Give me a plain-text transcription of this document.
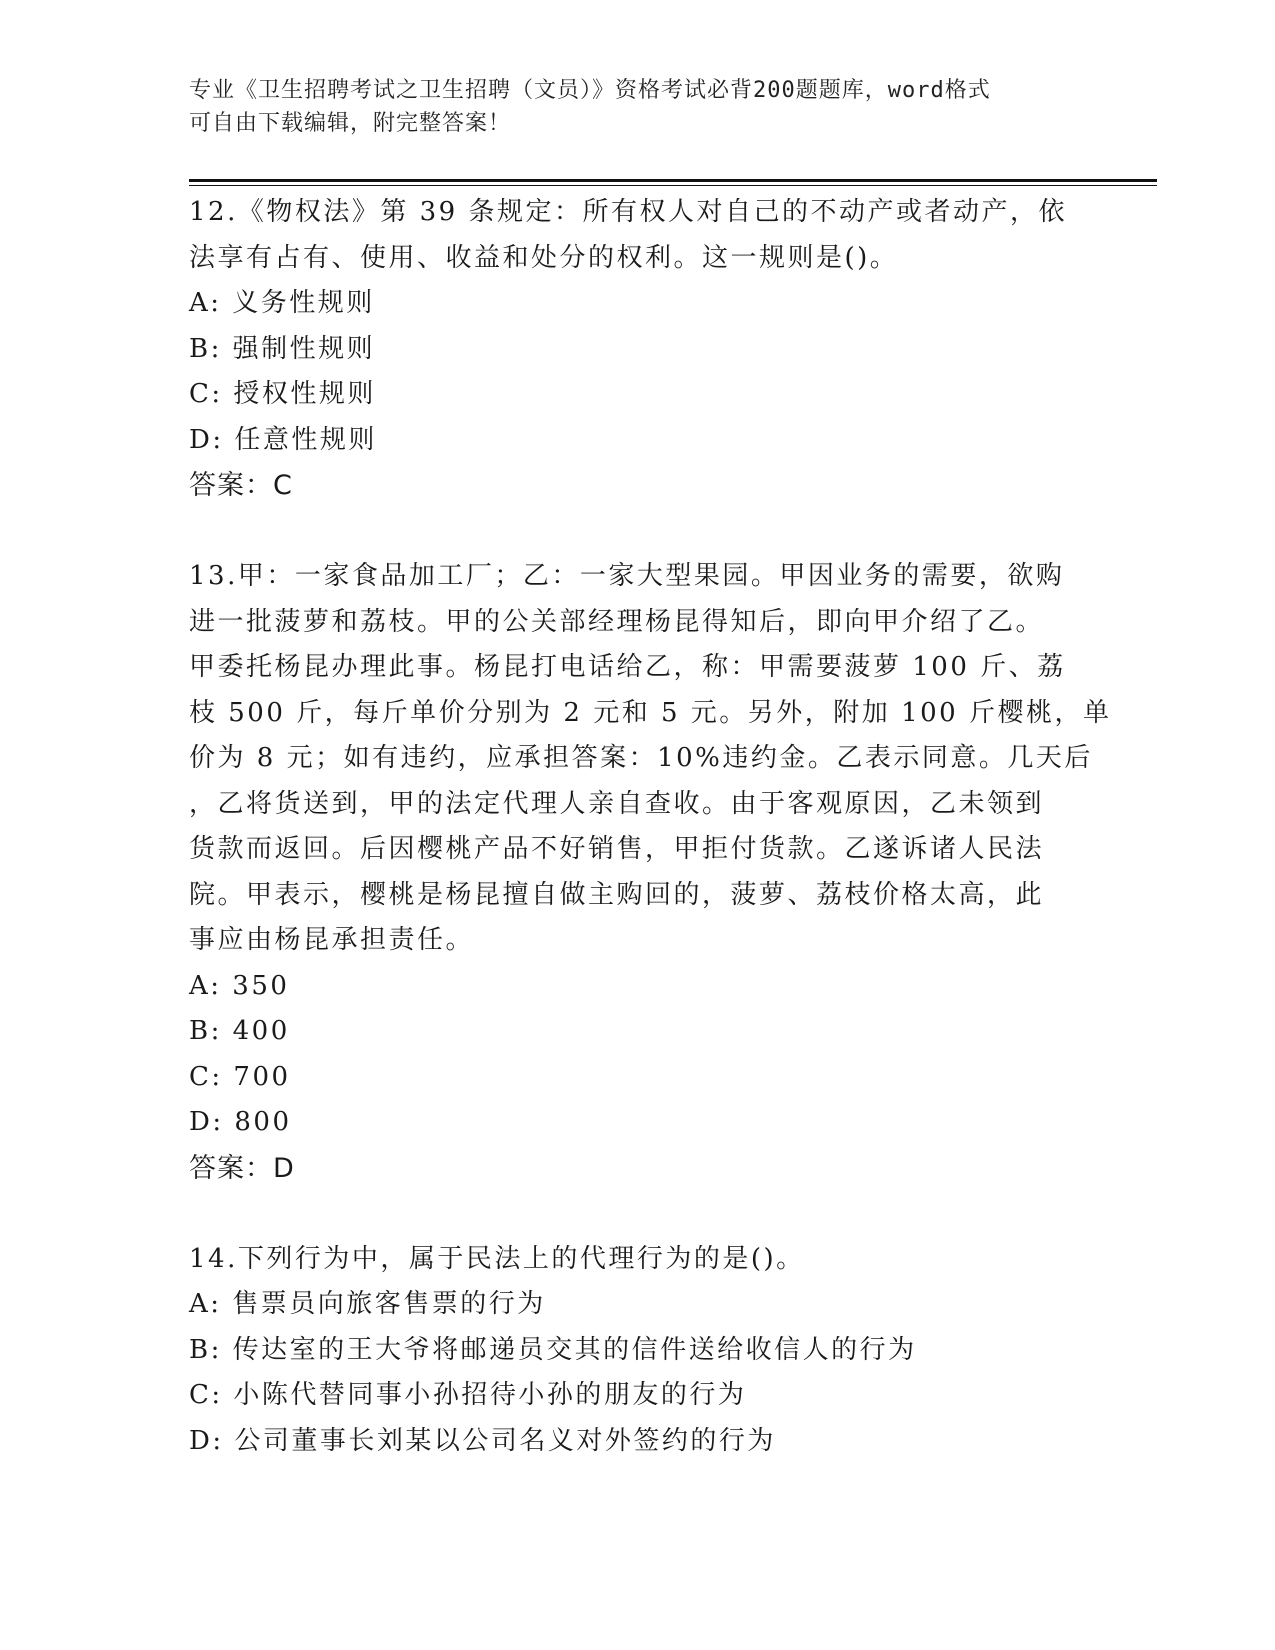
专业《卫生招聘考试之卫生招聘（文员）》资格考试必背200题题库，word格式
可自由下载编辑，附完整答案！
12.《物权法》第 39 条规定：所有权人对自己的不动产或者动产，依
法享有占有、使用、收益和处分的权利。这一规则是()。
A: 义务性规则
B: 强制性规则
C: 授权性规则
D: 任意性规则
答案：C
13.甲：一家食品加工厂；乙：一家大型果园。甲因业务的需要，欲购
进一批菠萝和荔枝。甲的公关部经理杨昆得知后，即向甲介绍了乙。
甲委托杨昆办理此事。杨昆打电话给乙，称：甲需要菠萝 100 斤、荔
枝 500 斤，每斤单价分别为 2 元和 5 元。另外，附加 100 斤樱桃，单
价为 8 元；如有违约，应承担答案：10%违约金。乙表示同意。几天后
，乙将货送到，甲的法定代理人亲自查收。由于客观原因，乙未领到
货款而返回。后因樱桃产品不好销售，甲拒付货款。乙遂诉诸人民法
院。甲表示，樱桃是杨昆擅自做主购回的，菠萝、荔枝价格太高，此
事应由杨昆承担责任。
A: 350
B: 400
C: 700
D: 800
答案：D
14.下列行为中，属于民法上的代理行为的是()。
A: 售票员向旅客售票的行为
B: 传达室的王大爷将邮递员交其的信件送给收信人的行为
C: 小陈代替同事小孙招待小孙的朋友的行为
D: 公司董事长刘某以公司名义对外签约的行为
